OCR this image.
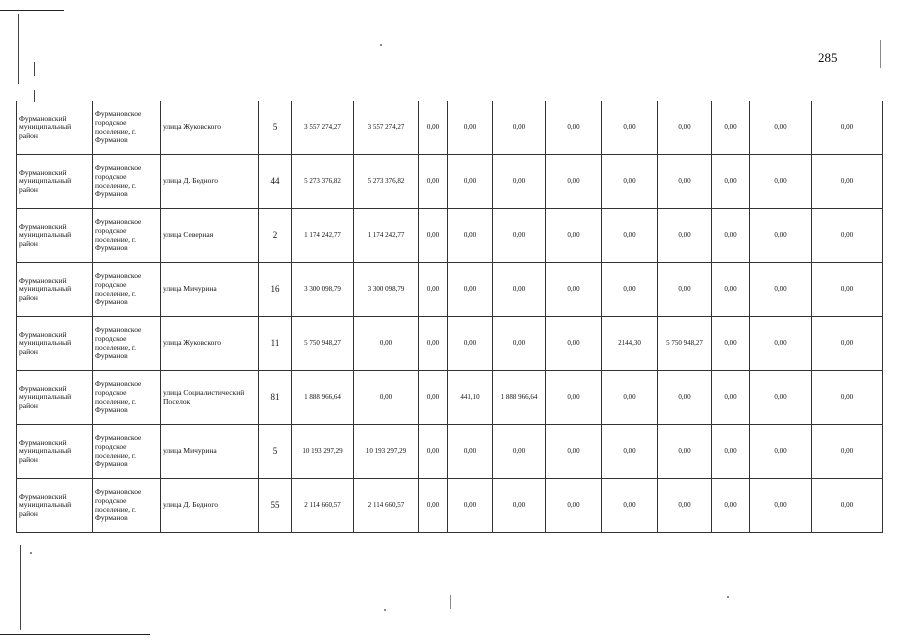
285
Фурмановский муниципальный район	Фурмановское городское поселение, г. Фурманов	улица Жуковского	5	3 557 274,27	3 557 274,27	0,00	0,00	0,00	0,00	0,00	0,00	0,00	0,00	0,00
Фурмановский муниципальный район	Фурмановское городское поселение, г. Фурманов	улица Д. Бедного	44	5 273 376,82	5 273 376,82	0,00	0,00	0,00	0,00	0,00	0,00	0,00	0,00	0,00
Фурмановский муниципальный район	Фурмановское городское поселение, г. Фурманов	улица Северная	2	1 174 242,77	1 174 242,77	0,00	0,00	0,00	0,00	0,00	0,00	0,00	0,00	0,00
Фурмановский муниципальный район	Фурмановское городское поселение, г. Фурманов	улица Мичурина	16	3 300 098,79	3 300 098,79	0,00	0,00	0,00	0,00	0,00	0,00	0,00	0,00	0,00
Фурмановский муниципальный район	Фурмановское городское поселение, г. Фурманов	улица Жуковского	11	5 750 948,27	0,00	0,00	0,00	0,00	0,00	2144,30	5 750 948,27	0,00	0,00	0,00
Фурмановский муниципальный район	Фурмановское городское поселение, г. Фурманов	улица Социалистический Поселок	81	1 888 966,64	0,00	0,00	441,10	1 888 966,64	0,00	0,00	0,00	0,00	0,00	0,00
Фурмановский муниципальный район	Фурмановское городское поселение, г. Фурманов	улица Мичурина	5	10 193 297,29	10 193 297,29	0,00	0,00	0,00	0,00	0,00	0,00	0,00	0,00	0,00
Фурмановский муниципальный район	Фурмановское городское поселение, г. Фурманов	улица Д. Бедного	55	2 114 660,57	2 114 660,57	0,00	0,00	0,00	0,00	0,00	0,00	0,00	0,00	0,00
